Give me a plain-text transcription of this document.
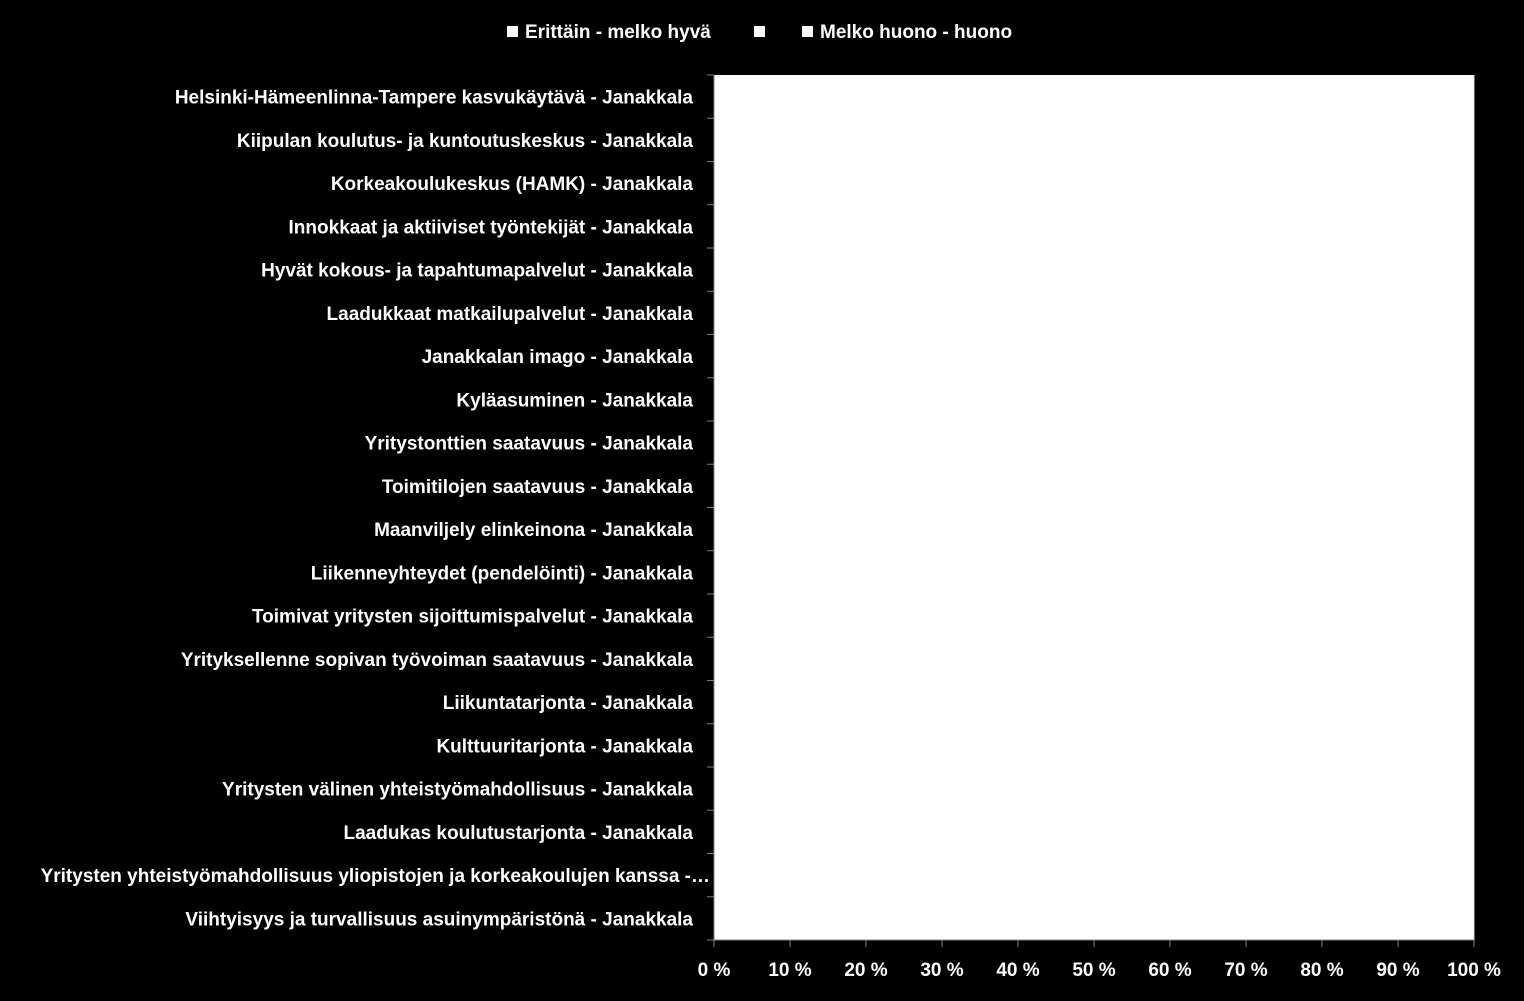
Erittäin - melko hyvä	Melko huono - huono
Helsinki-Hämeenlinna-Tampere kasvukäytävä - Janakkala
Kiipulan koulutus- ja kuntoutuskeskus - Janakkala
Korkeakoulukeskus (HAMK) - Janakkala
Innokkaat ja aktiiviset työntekijät - Janakkala
Hyvät kokous- ja tapahtumapalvelut - Janakkala
Laadukkaat matkailupalvelut - Janakkala
Janakkalan imago - Janakkala
Kyläasuminen - Janakkala
Yritystonttien saatavuus - Janakkala
Toimitilojen saatavuus - Janakkala
Maanviljely elinkeinona - Janakkala
Liikenneyhteydet (pendelöinti) - Janakkala
Toimivat yritysten sijoittumispalvelut - Janakkala
Yrityksellenne sopivan työvoiman saatavuus - Janakkala
Liikuntatarjonta - Janakkala
Kulttuuritarjonta - Janakkala
Yritysten välinen yhteistyömahdollisuus - Janakkala
Laadukas koulutustarjonta - Janakkala
Yritysten yhteistyömahdollisuus yliopistojen ja korkeakoulujen kanssa -…
Viihtyisyys ja turvallisuus asuinympäristönä - Janakkala
0 % 10 % 20 % 30 % 40 % 50 % 60 % 70 % 80 % 90 % 100 %
